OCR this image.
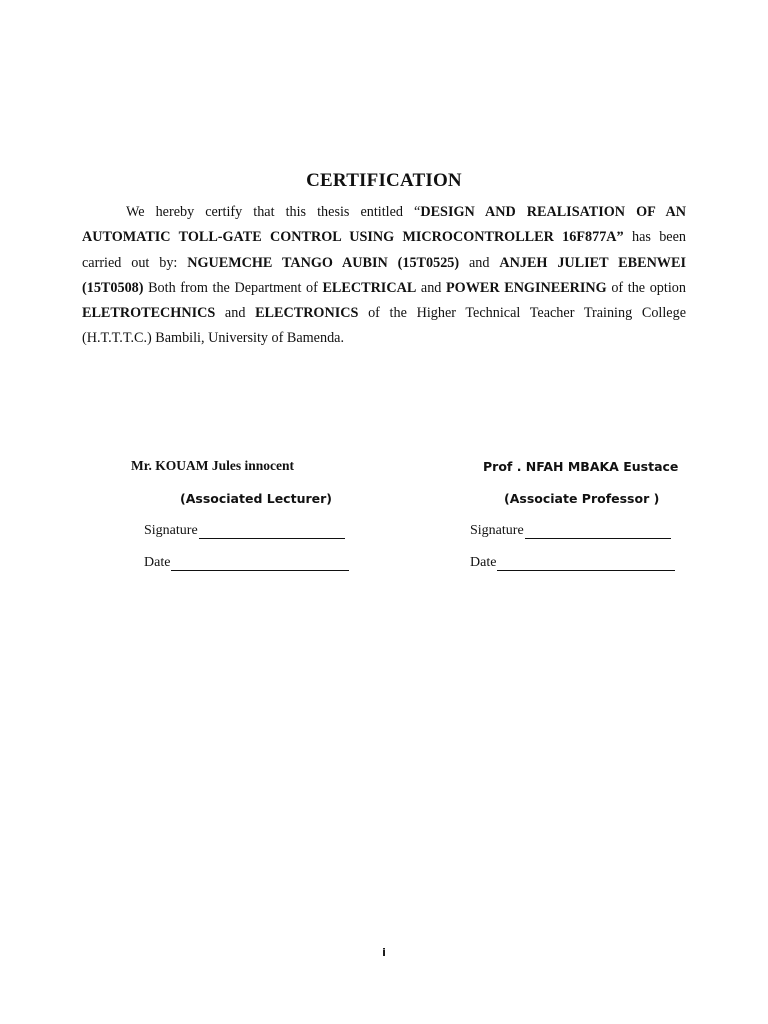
CERTIFICATION
We hereby certify that this thesis entitled “DESIGN AND REALISATION OF AN AUTOMATIC TOLL-GATE CONTROL USING MICROCONTROLLER 16F877A” has been carried out by: NGUEMCHE TANGO AUBIN (15T0525) and ANJEH JULIET EBENWEI (15T0508) Both from the Department of ELECTRICAL and POWER ENGINEERING of the option ELETROTECHNICS and ELECTRONICS of the Higher Technical Teacher Training College (H.T.T.T.C.) Bambili, University of Bamenda.
Mr. KOUAM Jules innocent
(Associated Lecturer)
Signature
Date
Prof . NFAH MBAKA Eustace
(Associate Professor )
Signature
Date
i
